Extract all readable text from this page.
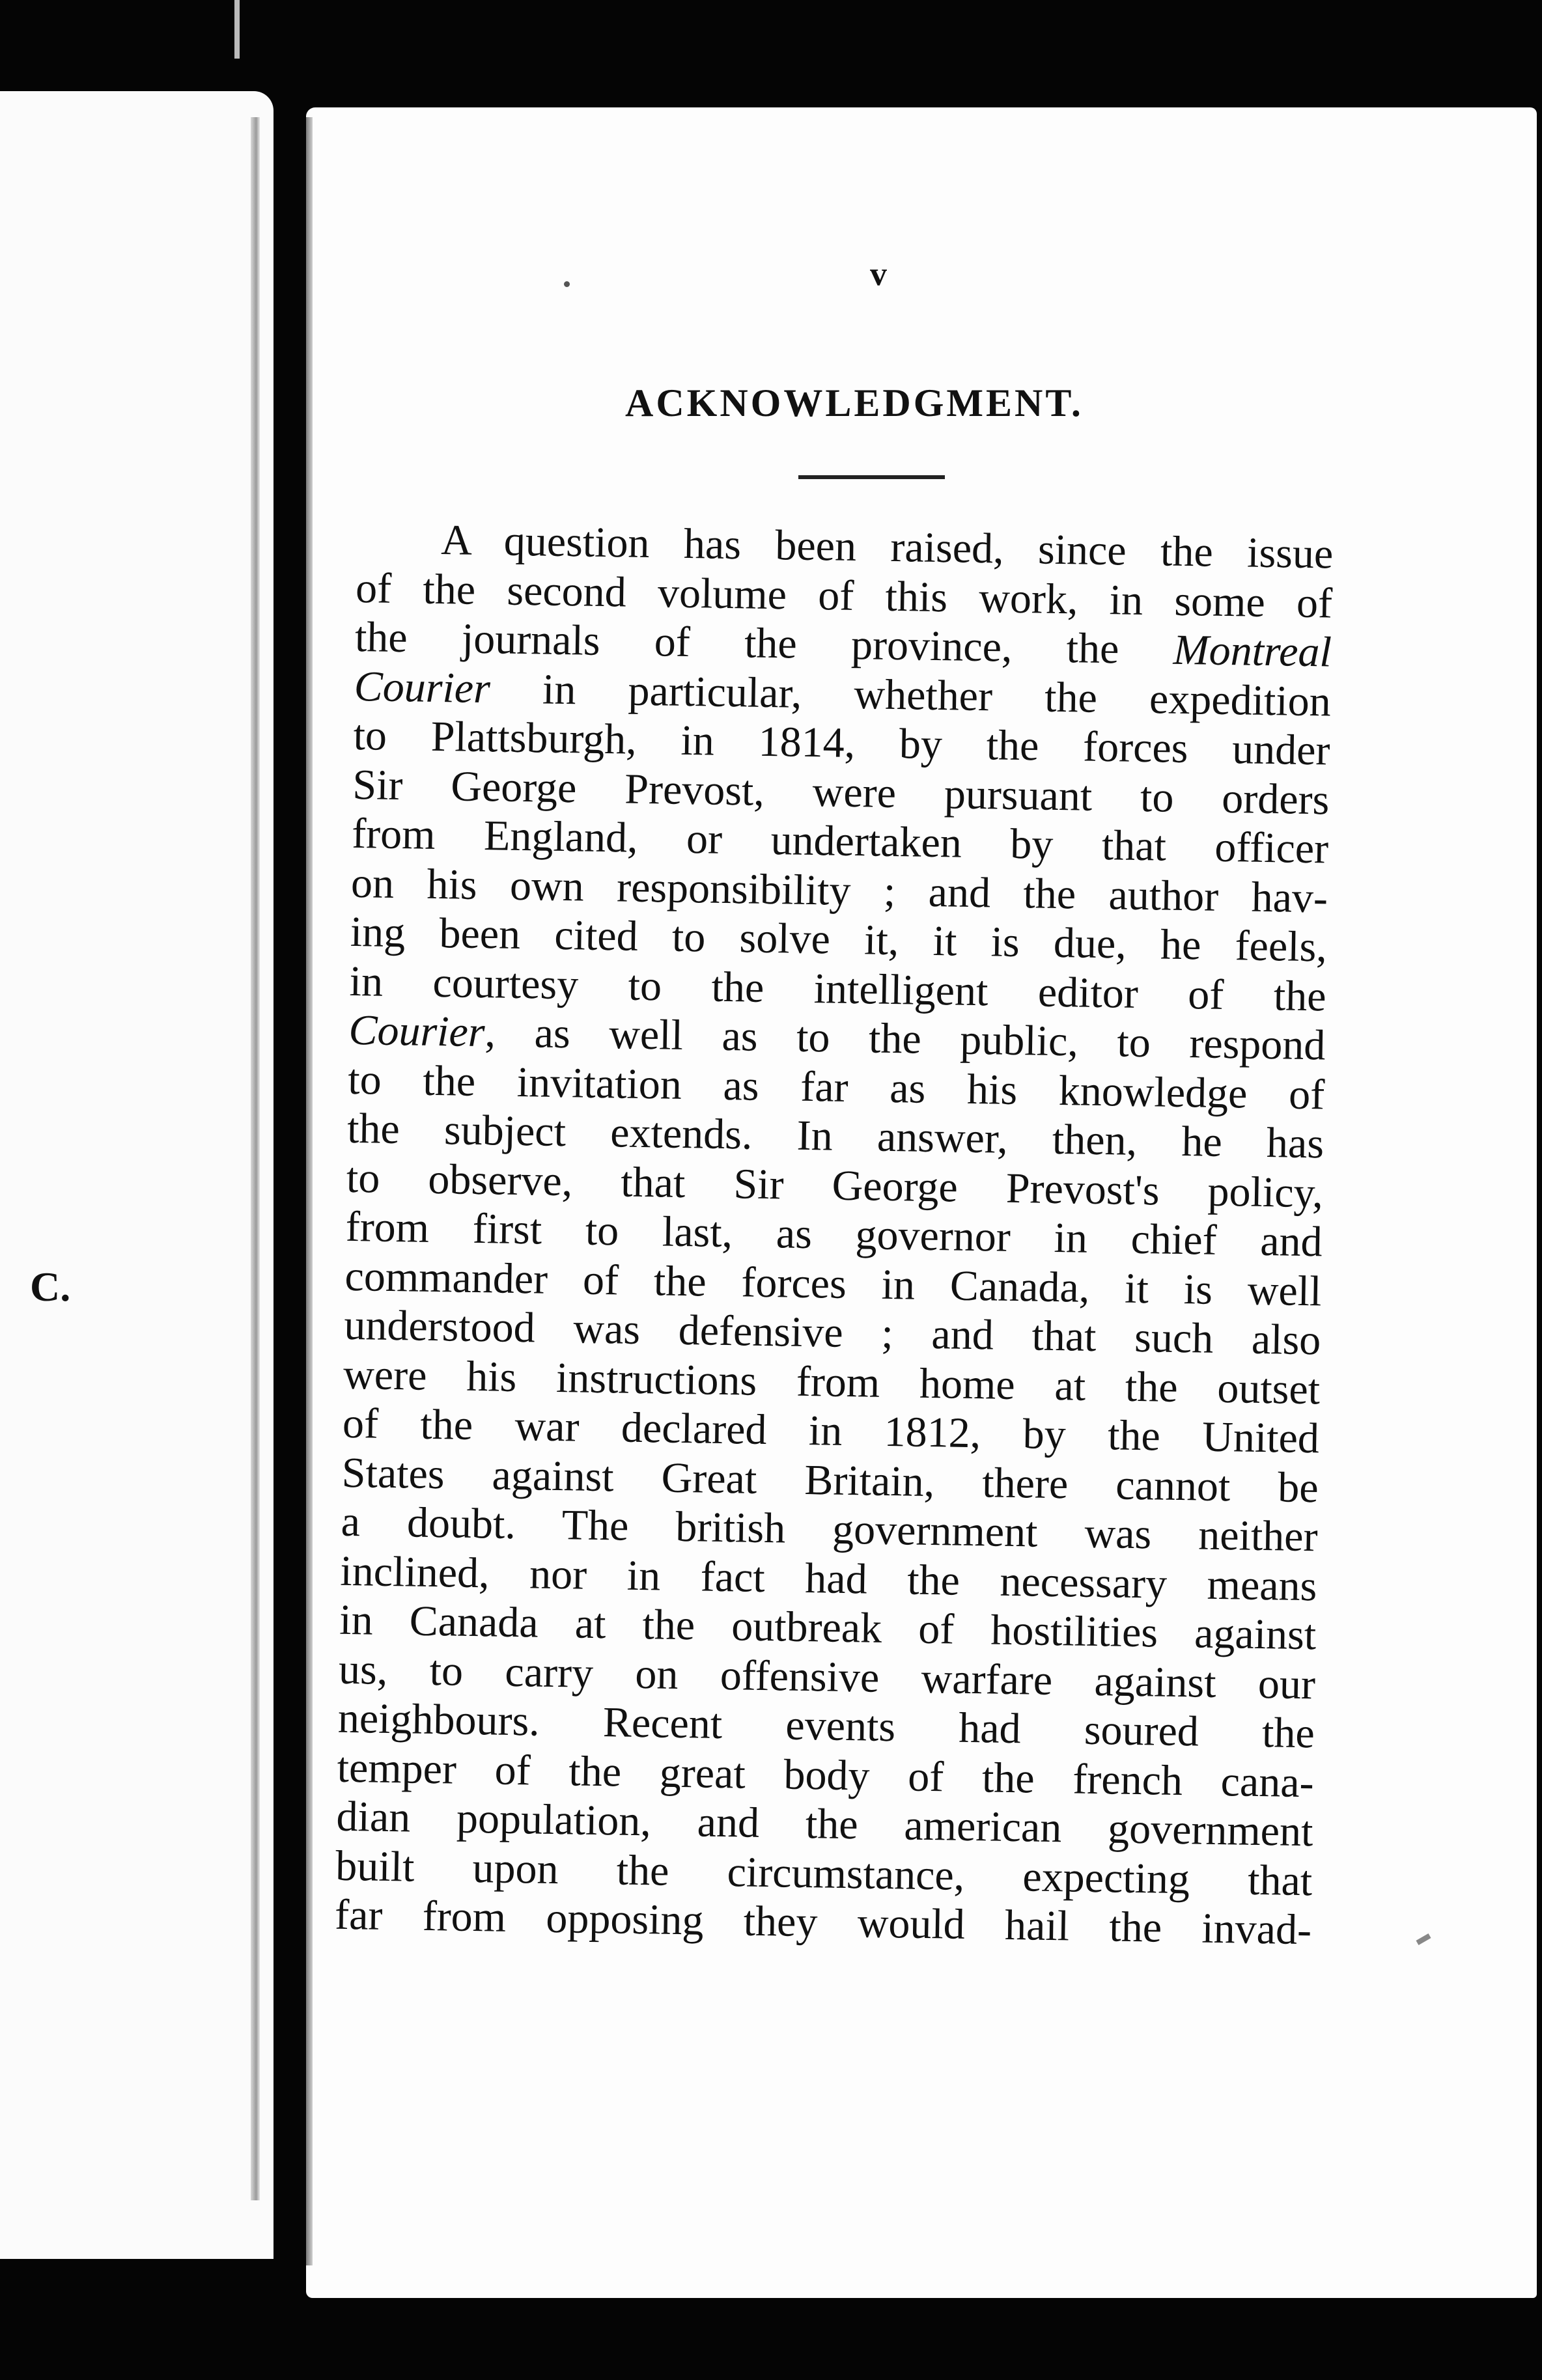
C.
v
ACKNOWLEDGMENT.
A question has been raised, since the issue
of the second volume of this work, in some of
the journals of the province, the Montreal
Courier in particular, whether the expedition
to Plattsburgh, in 1814, by the forces under
Sir George Prevost, were pursuant to orders
from England, or undertaken by that officer
on his own responsibility ; and the author hav-
ing been cited to solve it, it is due, he feels,
in courtesy to the intelligent editor of the
Courier, as well as to the public, to respond
to the invitation as far as his knowledge of
the subject extends. In answer, then, he has
to observe, that Sir George Prevost's policy,
from first to last, as governor in chief and
commander of the forces in Canada, it is well
understood was defensive ; and that such also
were his instructions from home at the outset
of the war declared in 1812, by the United
States against Great Britain, there cannot be
a doubt. The british government was neither
inclined, nor in fact had the necessary means
in Canada at the outbreak of hostilities against
us, to carry on offensive warfare against our
neighbours. Recent events had soured the
temper of the great body of the french cana-
dian population, and the american government
built upon the circumstance, expecting that
far from opposing they would hail the invad-
